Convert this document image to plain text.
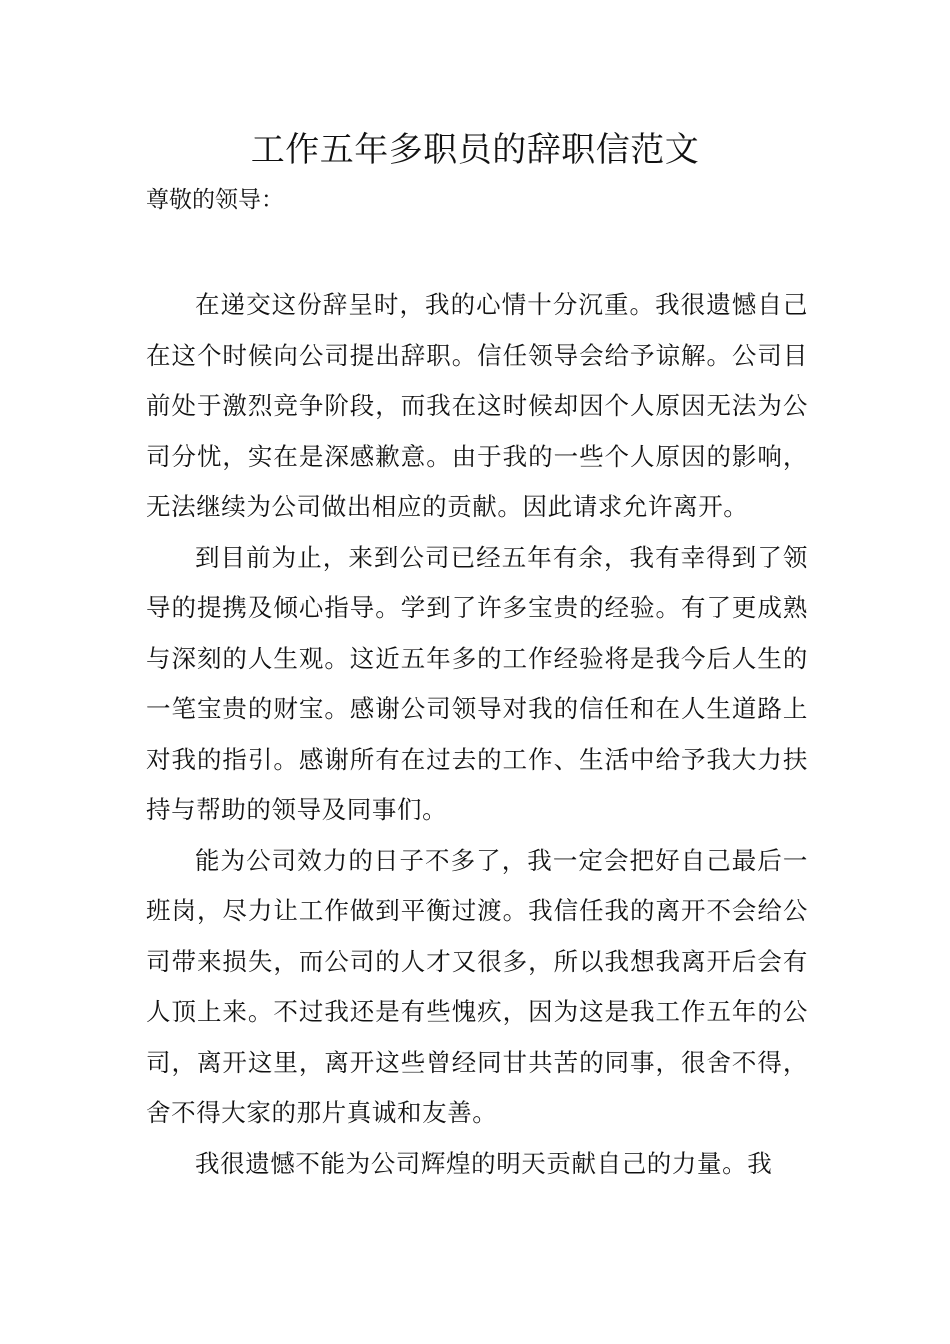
工作五年多职员的辞职信范文

尊敬的领导：

在递交这份辞呈时，我的心情十分沉重。我很遗憾自己在这个时候向公司提出辞职。信任领导会给予谅解。公司目前处于激烈竞争阶段，而我在这时候却因个人原因无法为公司分忧，实在是深感歉意。由于我的一些个人原因的影响，无法继续为公司做出相应的贡献。因此请求允许离开。

到目前为止，来到公司已经五年有余，我有幸得到了领导的提携及倾心指导。学到了许多宝贵的经验。有了更成熟与深刻的人生观。这近五年多的工作经验将是我今后人生的一笔宝贵的财宝。感谢公司领导对我的信任和在人生道路上对我的指引。感谢所有在过去的工作、生活中给予我大力扶持与帮助的领导及同事们。

能为公司效力的日子不多了，我一定会把好自己最后一班岗，尽力让工作做到平衡过渡。我信任我的离开不会给公司带来损失，而公司的人才又很多，所以我想我离开后会有人顶上来。不过我还是有些愧疚，因为这是我工作五年的公司，离开这里，离开这些曾经同甘共苦的同事，很舍不得，舍不得大家的那片真诚和友善。

我很遗憾不能为公司辉煌的明天贡献自己的力量。我
